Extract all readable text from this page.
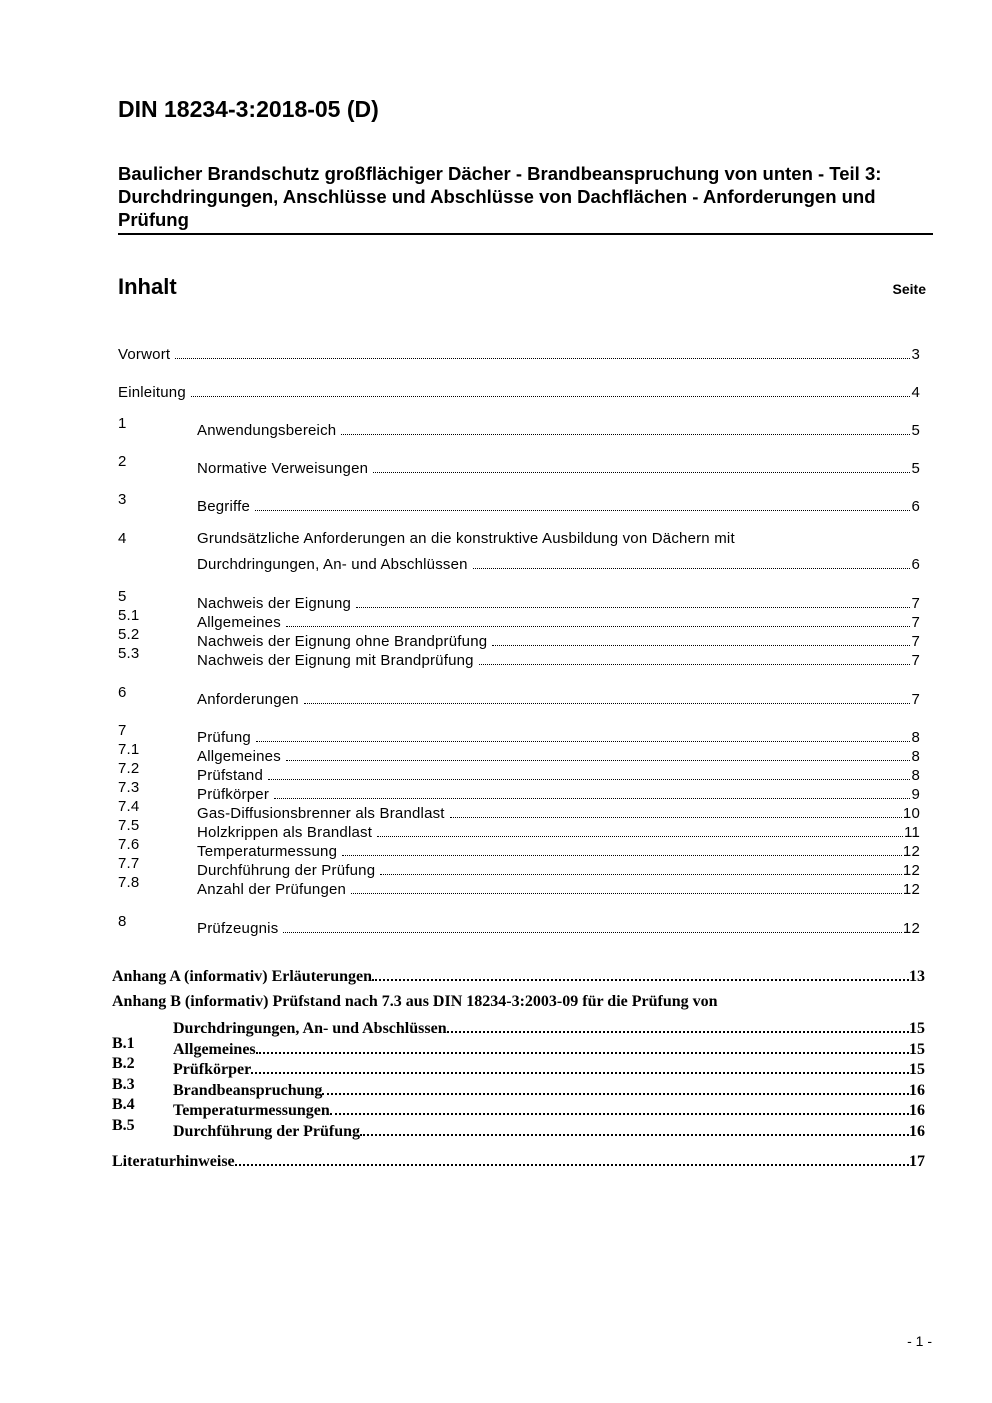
DIN 18234-3:2018-05 (D)
Baulicher Brandschutz großflächiger Dächer - Brandbeanspruchung von unten - Teil 3: Durchdringungen, Anschlüsse und Abschlüsse von Dachflächen - Anforderungen und Prüfung
Inhalt	Seite
Vorwort	3
Einleitung	4
1	Anwendungsbereich	5
2	Normative Verweisungen	5
3	Begriffe	6
4	Grundsätzliche Anforderungen an die konstruktive Ausbildung von Dächern mit
Durchdringungen, An- und Abschlüssen	6
5	Nachweis der Eignung	7
5.1	Allgemeines	7
5.2	Nachweis der Eignung ohne Brandprüfung	7
5.3	Nachweis der Eignung mit Brandprüfung	7
6	Anforderungen	7
7	Prüfung	8
7.1	Allgemeines	8
7.2	Prüfstand	8
7.3	Prüfkörper	9
7.4	Gas-Diffusionsbrenner als Brandlast	10
7.5	Holzkrippen als Brandlast	11
7.6	Temperaturmessung	12
7.7	Durchführung der Prüfung	12
7.8	Anzahl der Prüfungen	12
8	Prüfzeugnis	12
Anhang A (informativ) Erläuterungen	13
Anhang B (informativ) Prüfstand nach 7.3 aus DIN 18234-3:2003-09 für die Prüfung von
Durchdringungen, An- und Abschlüssen	15
B.1 Allgemeines	15
B.2 Prüfkörper	15
B.3 Brandbeanspruchung	16
B.4 Temperaturmessungen	16
B.5 Durchführung der Prüfung	16
Literaturhinweise	17
- 1 -
